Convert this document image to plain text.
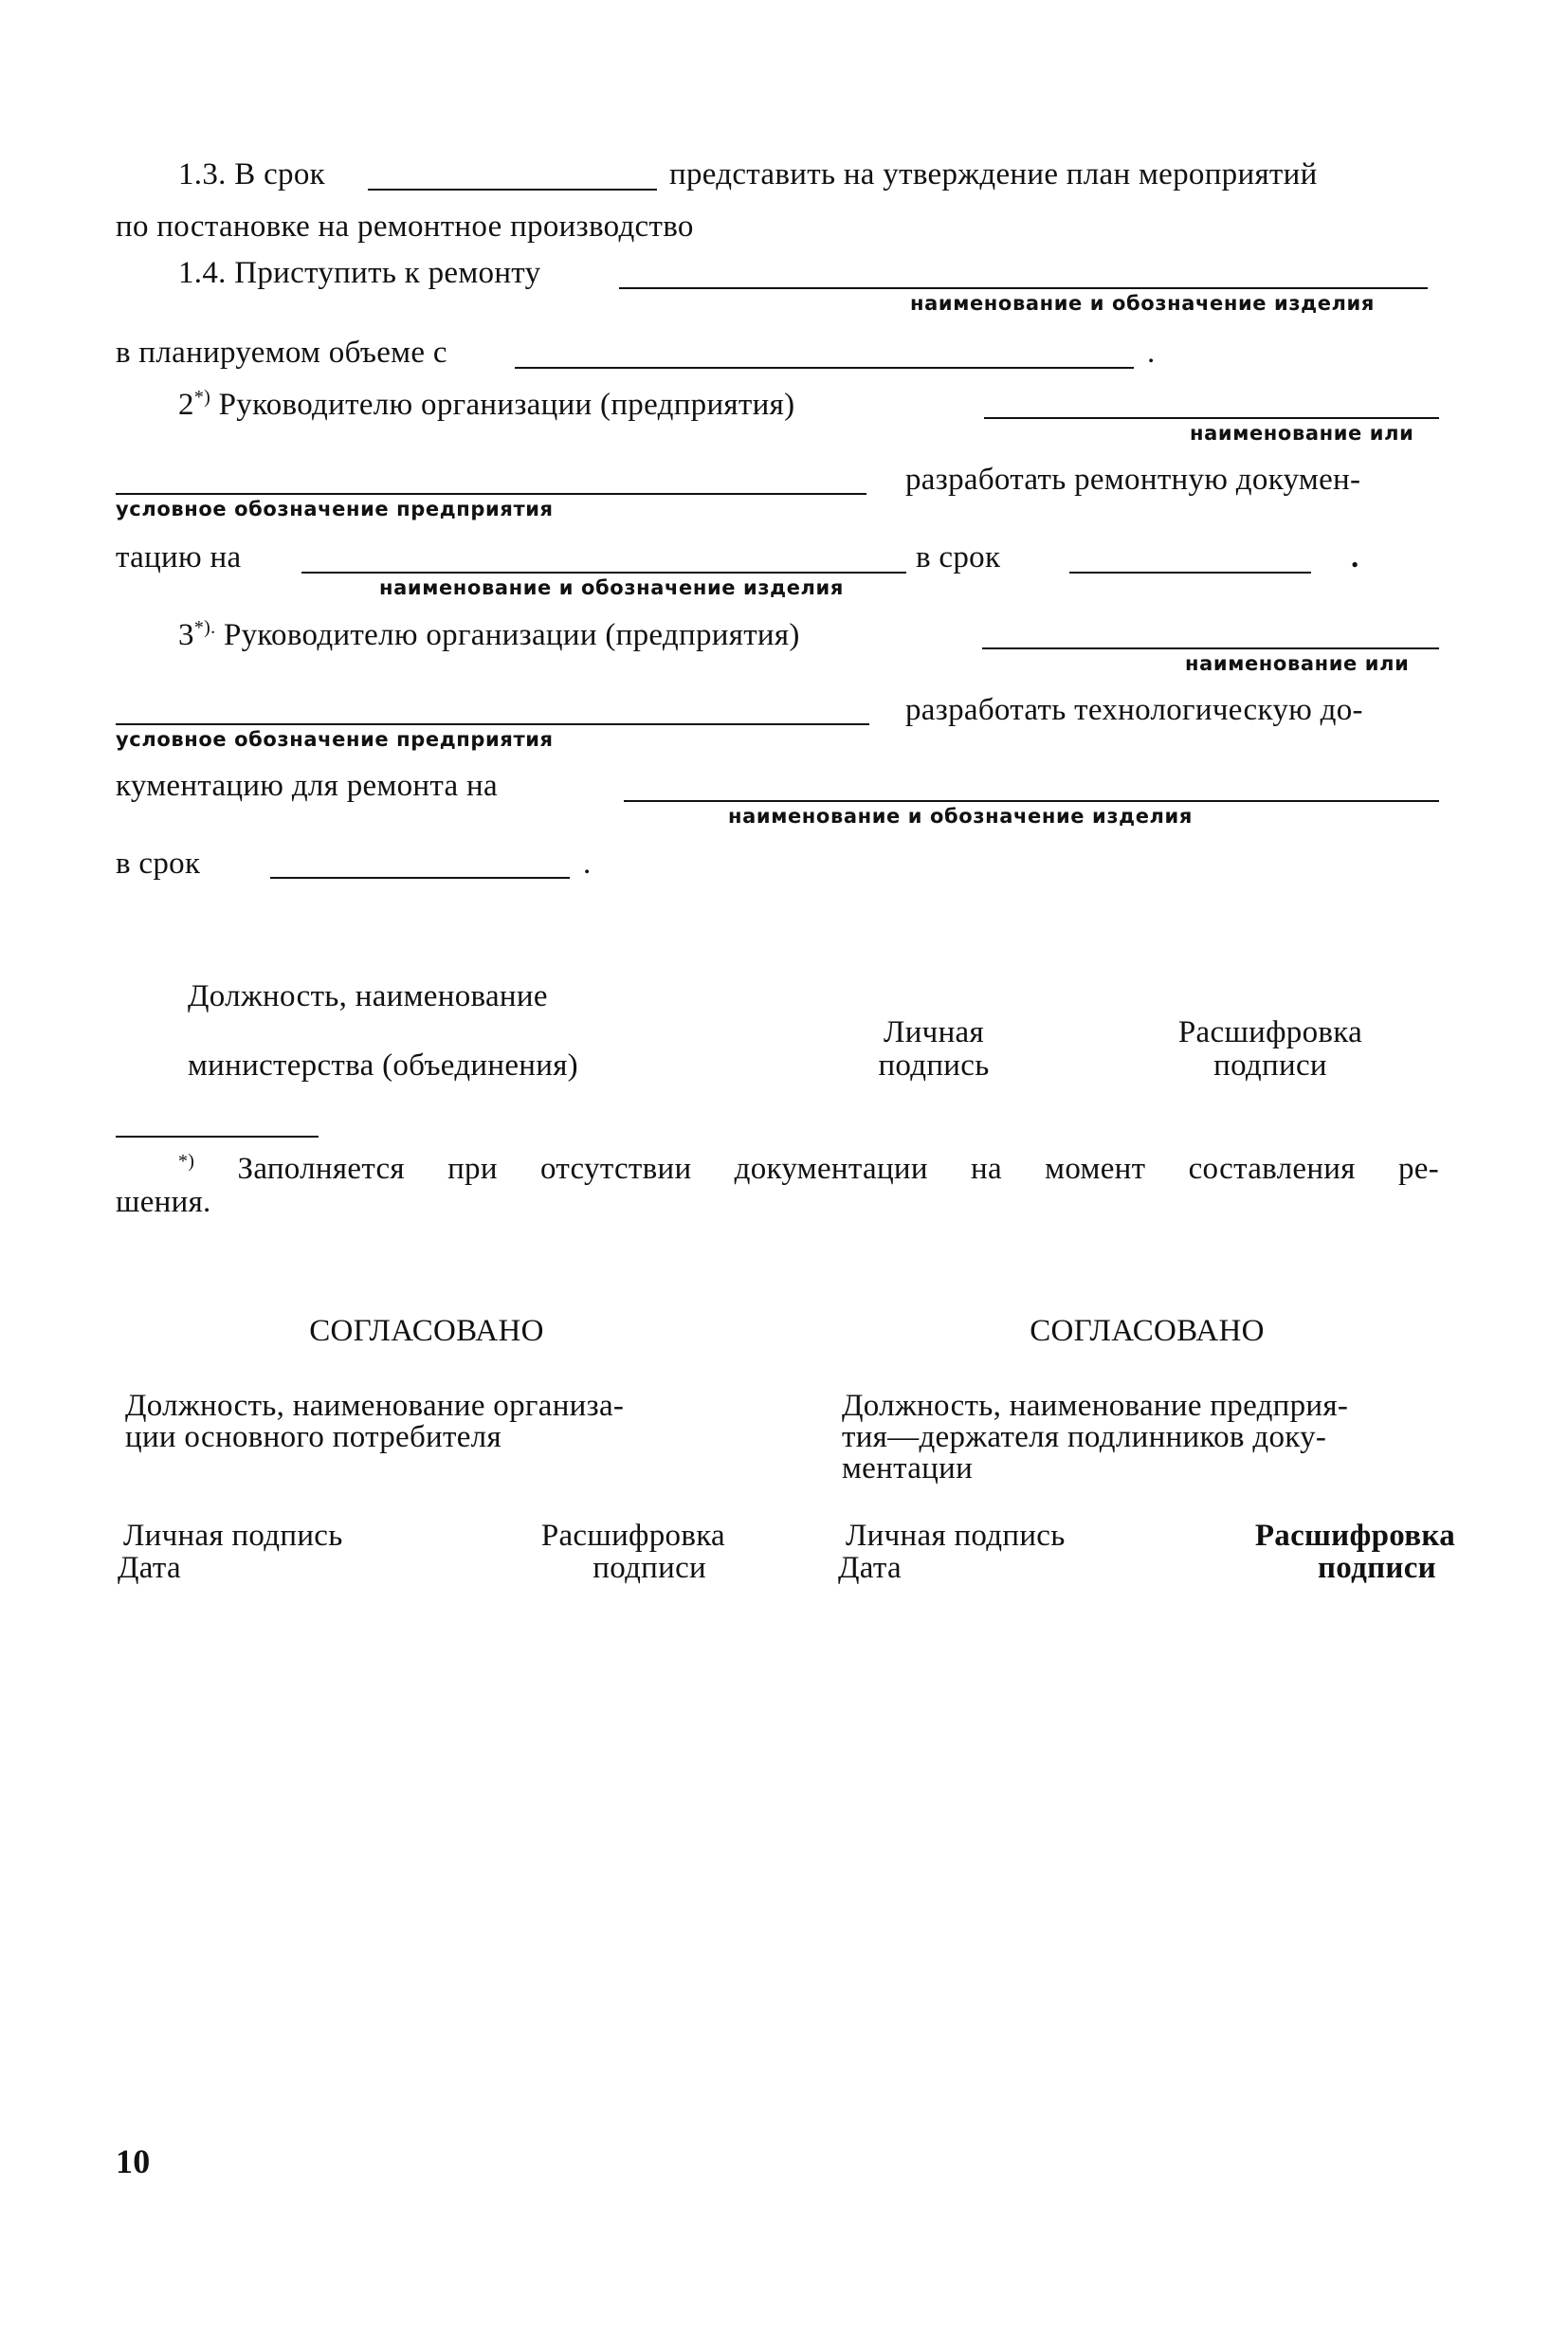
1.3. В срок	представить на утверждение план мероприятий
по постановке на ремонтное производство
1.4. Приступить к ремонту
наименование и обозначение изделия
в планируемом объеме с	.
2*) Руководителю организации (предприятия)
наименование или
разработать ремонтную докумен-
условное обозначение предприятия
тацию на	в срок	.
наименование и обозначение изделия
3*). Руководителю организации (предприятия)
наименование или
разработать технологическую до-
условное обозначение предприятия
кументацию для ремонта на
наименование и обозначение изделия
в срок	.
Должность, наименование
министерства (объединения)
Личная
подпись
Расшифровка
подписи
*) Заполняется при отсутствии документации на момент составления ре-
шения.
СОГЛАСОВАНО
Должность, наименование организа-
ции основного потребителя
Личная подпись
Дата
Расшифровка
подписи
СОГЛАСОВАНО
Должность, наименование предприя-
тия—держателя подлинников доку-
ментации
Личная подпись
Дата
Расшифровка
подписи
10
